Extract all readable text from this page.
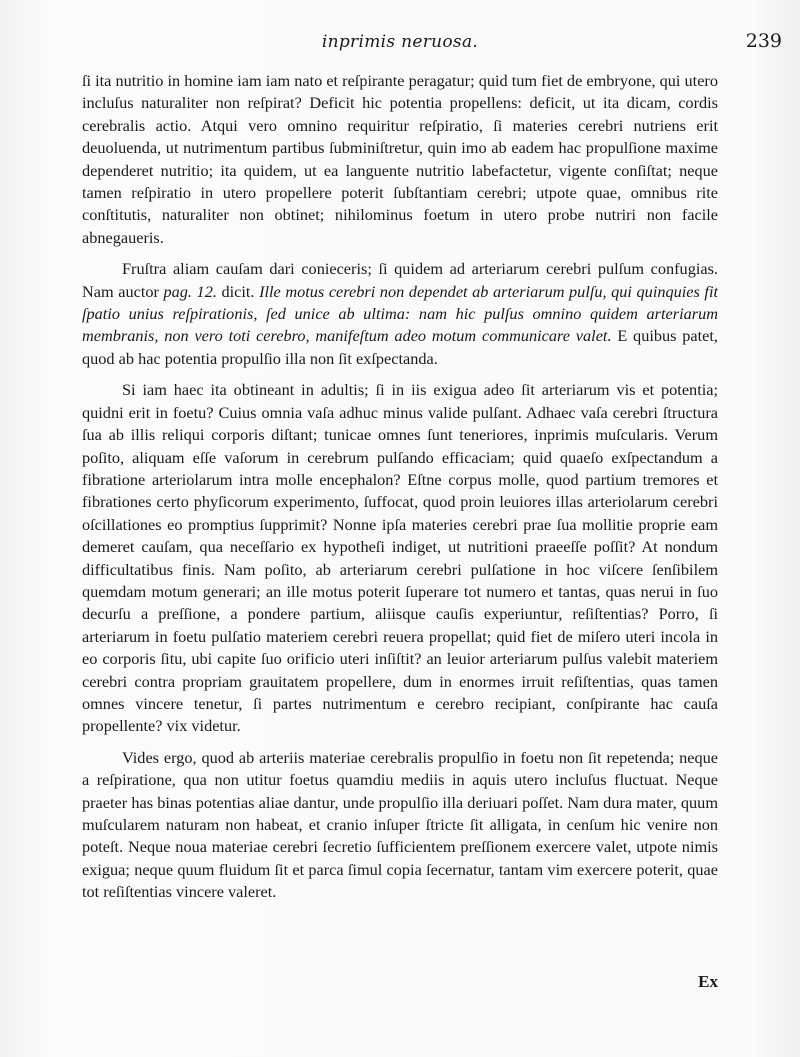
inprimis neruosa.	239

ſi ita nutritio in homine iam iam nato et reſpirante peragatur; quid tum fiet de embryone, qui utero incluſus naturaliter non reſpirat? Deficit hic potentia propellens: deficit, ut ita dicam, cordis cerebralis actio. Atqui vero omnino requiritur reſpiratio, ſi materies cerebri nutriens erit deuoluenda, ut nutrimentum partibus ſubminiſtretur, quin imo ab eadem hac propulſione maxime dependeret nutritio; ita quidem, ut ea languente nutritio labefactetur, vigente conſiſtat; neque tamen reſpiratio in utero propellere poterit ſubſtantiam cerebri; utpote quae, omnibus rite conſtitutis, naturaliter non obtinet; nihilominus foetum in utero probe nutriri non facile abnegaueris.

Fruſtra aliam cauſam dari conieceris; ſi quidem ad arteriarum cerebri pulſum confugias. Nam auctor pag. 12. dicit. Ille motus cerebri non dependet ab arteriarum pulſu, qui quinquies fit ſpatio unius reſpirationis, ſed unice ab ultima: nam hic pulſus omnino quidem arteriarum membranis, non vero toti cerebro, manifeſtum adeo motum communicare valet. E quibus patet, quod ab hac potentia propulſio illa non ſit exſpectanda.

Si iam haec ita obtineant in adultis; ſi in iis exigua adeo ſit arteriarum vis et potentia; quidni erit in foetu? Cuius omnia vaſa adhuc minus valide pulſant. Adhaec vaſa cerebri ſtructura ſua ab illis reliqui corporis diſtant; tunicae omnes ſunt teneriores, inprimis muſcularis. Verum poſito, aliquam eſſe vaſorum in cerebrum pulſando efficaciam; quid quaeſo exſpectandum a fibratione arteriolarum intra molle encephalon? Eſtne corpus molle, quod partium tremores et fibrationes certo phyſicorum experimento, ſuffocat, quod proin leuiores illas arteriolarum cerebri oſcillationes eo promptius ſupprimit? Nonne ipſa materies cerebri prae ſua mollitie proprie eam demeret cauſam, qua neceſſario ex hypotheſi indiget, ut nutritioni praeeſſe poſſit? At nondum difficultatibus finis. Nam poſito, ab arteriarum cerebri pulſatione in hoc viſcere ſenſibilem quemdam motum generari; an ille motus poterit ſuperare tot numero et tantas, quas nerui in ſuo decurſu a preſſione, a pondere partium, aliisque cauſis experiuntur, reſiſtentias? Porro, ſi arteriarum in foetu pulſatio materiem cerebri reuera propellat; quid fiet de miſero uteri incola in eo corporis ſitu, ubi capite ſuo orificio uteri inſiſtit? an leuior arteriarum pulſus valebit materiem cerebri contra propriam grauitatem propellere, dum in enormes irruit reſiſtentias, quas tamen omnes vincere tenetur, ſi partes nutrimentum e cerebro recipiant, conſpirante hac cauſa propellente? vix videtur.

Vides ergo, quod ab arteriis materiae cerebralis propulſio in foetu non ſit repetenda; neque a reſpiratione, qua non utitur foetus quamdiu mediis in aquis utero incluſus fluctuat. Neque praeter has binas potentias aliae dantur, unde propulſio illa deriuari poſſet. Nam dura mater, quum muſcularem naturam non habeat, et cranio inſuper ſtricte ſit alligata, in cenſum hic venire non poteſt. Neque noua materiae cerebri ſecretio ſufficientem preſſionem exercere valet, utpote nimis exigua; neque quum fluidum ſit et parca ſimul copia ſecernatur, tantam vim exercere poterit, quae tot reſiſtentias vincere valeret.

Ex
